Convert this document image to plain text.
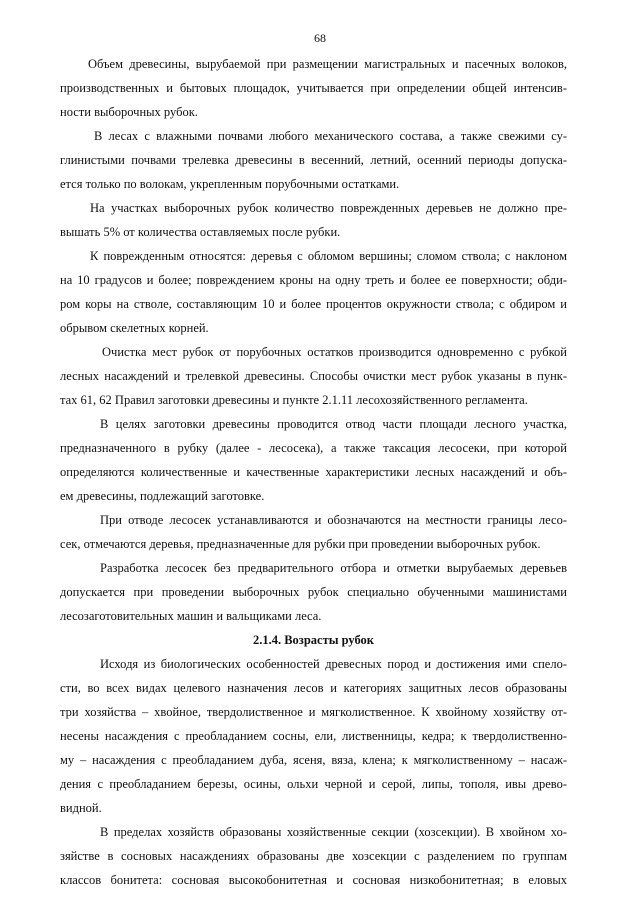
68
Объем древесины, вырубаемой при размещении магистральных и пасечных волоков,
производственных и бытовых площадок, учитывается при определении общей интенсив-
ности выборочных рубок.
В лесах с влажными почвами любого механического состава, а также свежими су-
глинистыми почвами трелевка древесины в весенний, летний, осенний периоды допуска-
ется только по волокам, укрепленным порубочными остатками.
На участках выборочных рубок количество поврежденных деревьев не должно пре-
вышать 5% от количества оставляемых после рубки.
К поврежденным относятся: деревья с обломом вершины; сломом ствола; с наклоном
на 10 градусов и более; повреждением кроны на одну треть и более ее поверхности; обди-
ром коры на стволе, составляющим 10 и более процентов окружности ствола; с обдиром и
обрывом скелетных корней.
Очистка мест рубок от порубочных остатков производится одновременно с рубкой
лесных насаждений и трелевкой древесины. Способы очистки мест рубок указаны в пунк-
тах 61, 62 Правил заготовки древесины и пункте 2.1.11 лесохозяйственного регламента.
В целях заготовки древесины проводится отвод части площади лесного участка,
предназначенного в рубку (далее - лесосека), а также таксация лесосеки, при которой
определяются количественные и качественные характеристики лесных насаждений и объ-
ем древесины, подлежащий заготовке.
При отводе лесосек устанавливаются и обозначаются на местности границы лесо-
сек, отмечаются деревья, предназначенные для рубки при проведении выборочных рубок.
Разработка лесосек без предварительного отбора и отметки вырубаемых деревьев
допускается при проведении выборочных рубок специально обученными машинистами
лесозаготовительных машин и вальщиками леса.
2.1.4. Возрасты рубок
Исходя из биологических особенностей древесных пород и достижения ими спело-
сти, во всех видах целевого назначения лесов и категориях защитных лесов образованы
три хозяйства – хвойное, твердолиственное и мягколиственное. К хвойному хозяйству от-
несены насаждения с преобладанием сосны, ели, лиственницы, кедра; к твердолиственно-
му – насаждения с преобладанием дуба, ясеня, вяза, клена; к мягколиственному – насаж-
дения с преобладанием березы, осины, ольхи черной и серой, липы, тополя, ивы древо-
видной.
В пределах хозяйств образованы хозяйственные секции (хозсекции). В хвойном хо-
зяйстве в сосновых насаждениях образованы две хозсекции с разделением по группам
классов бонитета: сосновая высокобонитетная и сосновая низкобонитетная; в еловых
